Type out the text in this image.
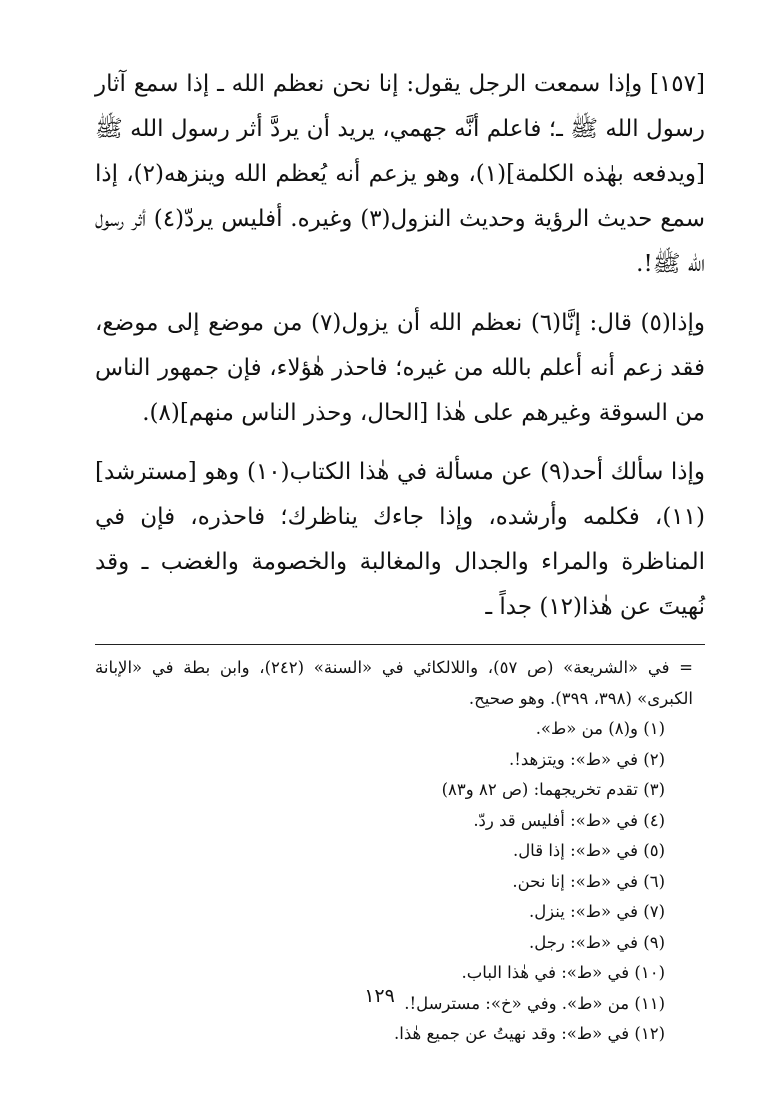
[١٥٧] وإذا سمعت الرجل يقول: إنا نحن نعظم الله ـ إذا سمع آثار رسول الله ﷺ ـ؛ فاعلم أنَّه جهمي، يريد أن يردَّ أثر رسول الله ﷺ [ويدفعه بهٰذه الكلمة](١)، وهو يزعم أنه يُعظم الله وينزهه(٢)، إذا سمع حديث الرؤية وحديث النزول(٣) وغيره. أفليس يردّ(٤) أثر رسول الله ﷺ!.

وإذا(٥) قال: إنَّا(٦) نعظم الله أن يزول(٧) من موضع إلى موضع، فقد زعم أنه أعلم بالله من غيره؛ فاحذر هٰؤلاء، فإن جمهور الناس من السوقة وغيرهم على هٰذا [الحال، وحذر الناس منهم](٨).

وإذا سألك أحد(٩) عن مسألة في هٰذا الكتاب(١٠) وهو [مسترشد](١١)، فكلمه وأرشده، وإذا جاءك يناظرك؛ فاحذره، فإن في المناظرة والمراء والجدال والمغالبة والخصومة والغضب ـ وقد نُهيتَ عن هٰذا(١٢) جداً ـ

= في «الشريعة» (ص ٥٧)، واللالكائي في «السنة» (٢٤٢)، وابن بطة في «الإبانة الكبرى» (٣٩٨، ٣٩٩). وهو صحيح.

(١) و(٨) من «ط».
(٢) في «ط»: ويتزهد!.
(٣) تقدم تخريجهما: (ص ٨٢ و٨٣)
(٤) في «ط»: أفليس قد ردّ.
(٥) في «ط»: إذا قال.
(٦) في «ط»: إنا نحن.
(٧) في «ط»: ينزل.
(٩) في «ط»: رجل.
(١٠) في «ط»: في هٰذا الباب.
(١١) من «ط». وفي «خ»: مسترسل!.
(١٢) في «ط»: وقد نهيتُ عن جميع هٰذا.
١٢٩
